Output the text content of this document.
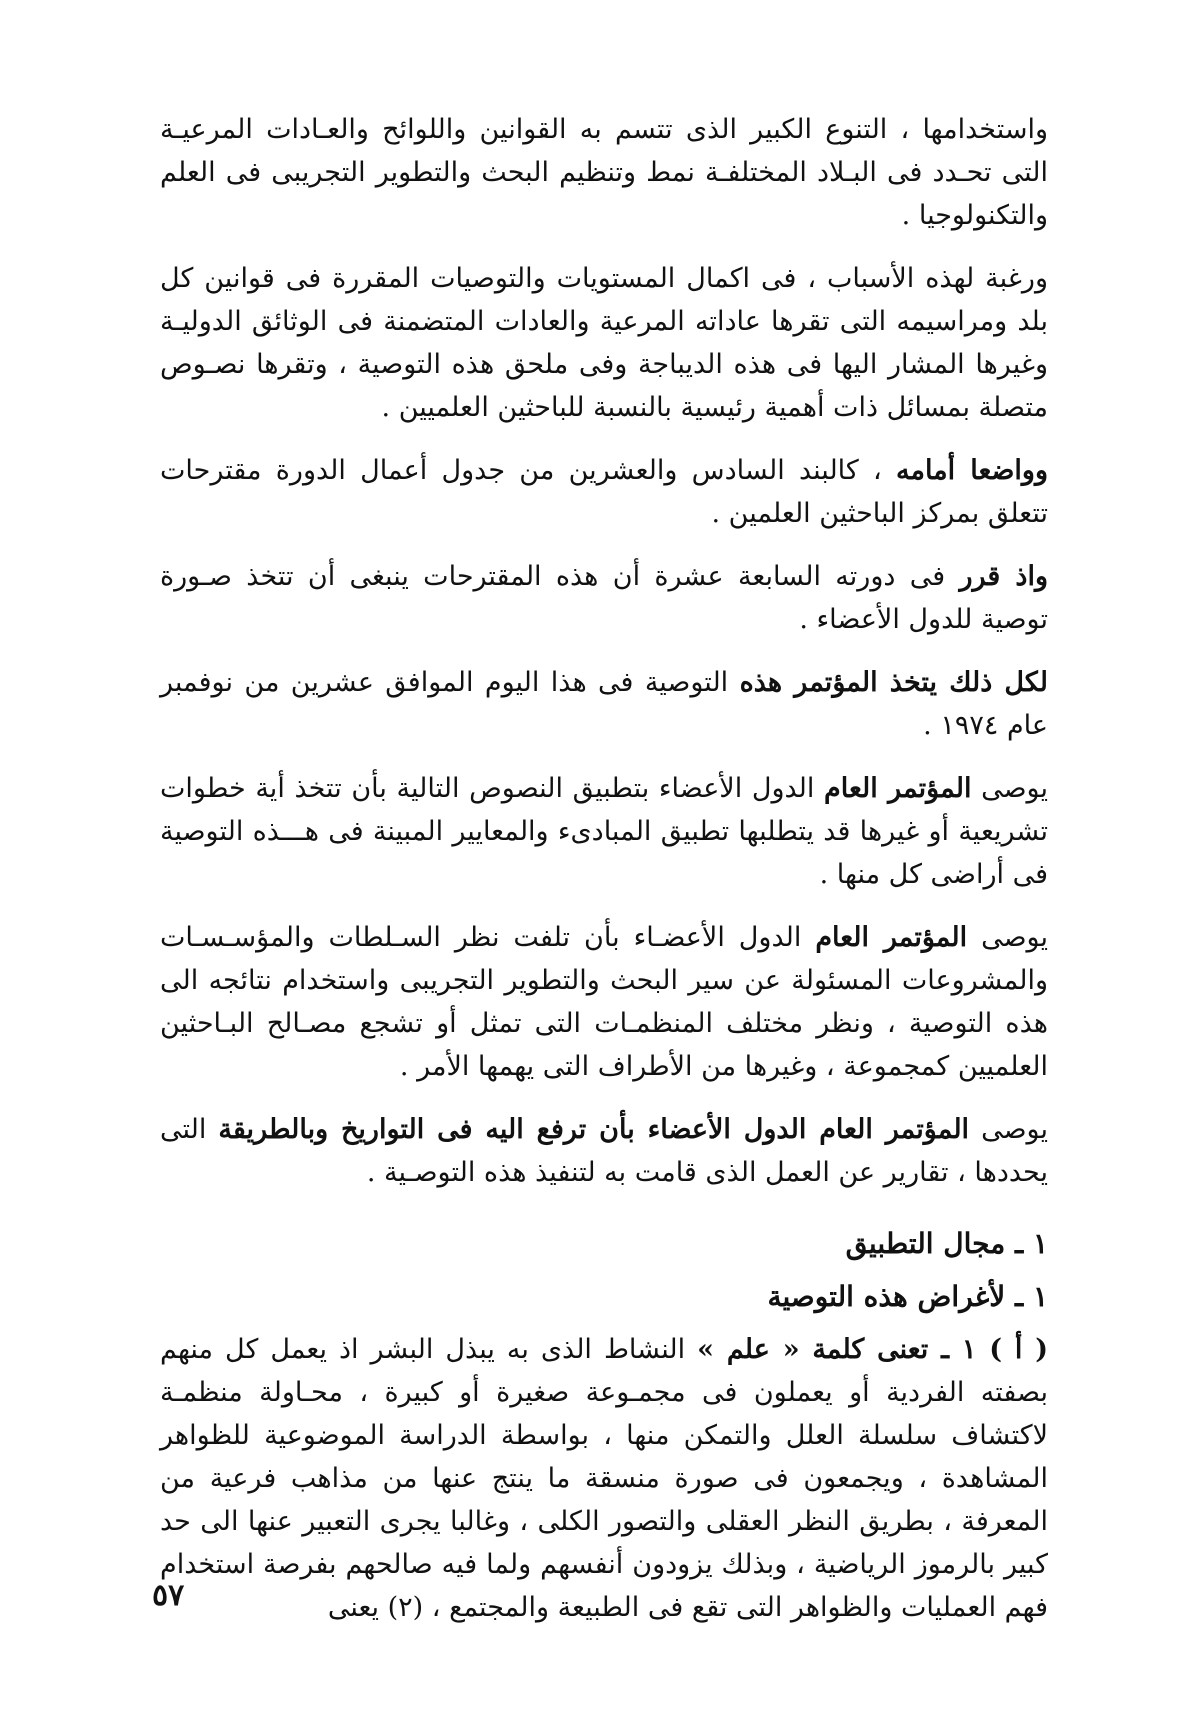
واستخدامها ، التنوع الكبير الذى تتسم به القوانين واللوائح والعـادات المرعيـة التى تحـدد فى البـلاد المختلفـة نمط وتنظيم البحث والتطوير التجريبى فى العلم والتكنولوجيا .

ورغبة لهذه الأسباب ، فى اكمال المستويات والتوصيات المقررة فى قوانين كل بلد ومراسيمه التى تقرها عاداته المرعية والعادات المتضمنة فى الوثائق الدوليـة وغيرها المشار اليها فى هذه الديباجة وفى ملحق هذه التوصية ، وتقرها نصـوص متصلة بمسائل ذات أهمية رئيسية بالنسبة للباحثين العلميين .

وواضعا أمامه ، كالبند السادس والعشرين من جدول أعمال الدورة مقترحات تتعلق بمركز الباحثين العلمين .

واذ قرر فى دورته السابعة عشرة أن هذه المقترحات ينبغى أن تتخذ صـورة توصية للدول الأعضاء .

لكل ذلك يتخذ المؤتمر هذه التوصية فى هذا اليوم الموافق عشرين من نوفمبر عام ١٩٧٤ .

يوصى المؤتمر العام الدول الأعضاء بتطبيق النصوص التالية بأن تتخذ أية خطوات تشريعية أو غيرها قد يتطلبها تطبيق المبادىء والمعايير المبينة فى هـــذه التوصية فى أراضى كل منها .

يوصى المؤتمر العام الدول الأعضـاء بأن تلفت نظر السـلطات والمؤسـسـات والمشروعات المسئولة عن سير البحث والتطوير التجريبى واستخدام نتائجه الى هذه التوصية ، ونظر مختلف المنظمـات التى تمثل أو تشجع مصـالح البـاحثين العلميين كمجموعة ، وغيرها من الأطراف التى يهمها الأمر .

يوصى المؤتمر العام الدول الأعضاء بأن ترفع اليه فى التواريخ وبالطريقة التى يحددها ، تقارير عن العمل الذى قامت به لتنفيذ هذه التوصـية .

١ ـ مجال التطبيق

١ ـ لأغراض هذه التوصية

( أ ) ١ ـ تعنى كلمة « علم » النشاط الذى به يبذل البشر اذ يعمل كل منهم بصفته الفردية أو يعملون فى مجمـوعة صغيرة أو كبيرة ، محـاولة منظمـة لاكتشاف سلسلة العلل والتمكن منها ، بواسطة الدراسة الموضوعية للظواهر المشاهدة ، ويجمعون فى صورة منسقة ما ينتج عنها من مذاهب فرعية من المعرفة ، بطريق النظر العقلى والتصور الكلى ، وغالبا يجرى التعبير عنها الى حد كبير بالرموز الرياضية ، وبذلك يزودون أنفسهم ولما فيه صالحهم بفرصة استخدام فهم العمليات والظواهر التى تقع فى الطبيعة والمجتمع ، (٢) يعنى

٥٧
